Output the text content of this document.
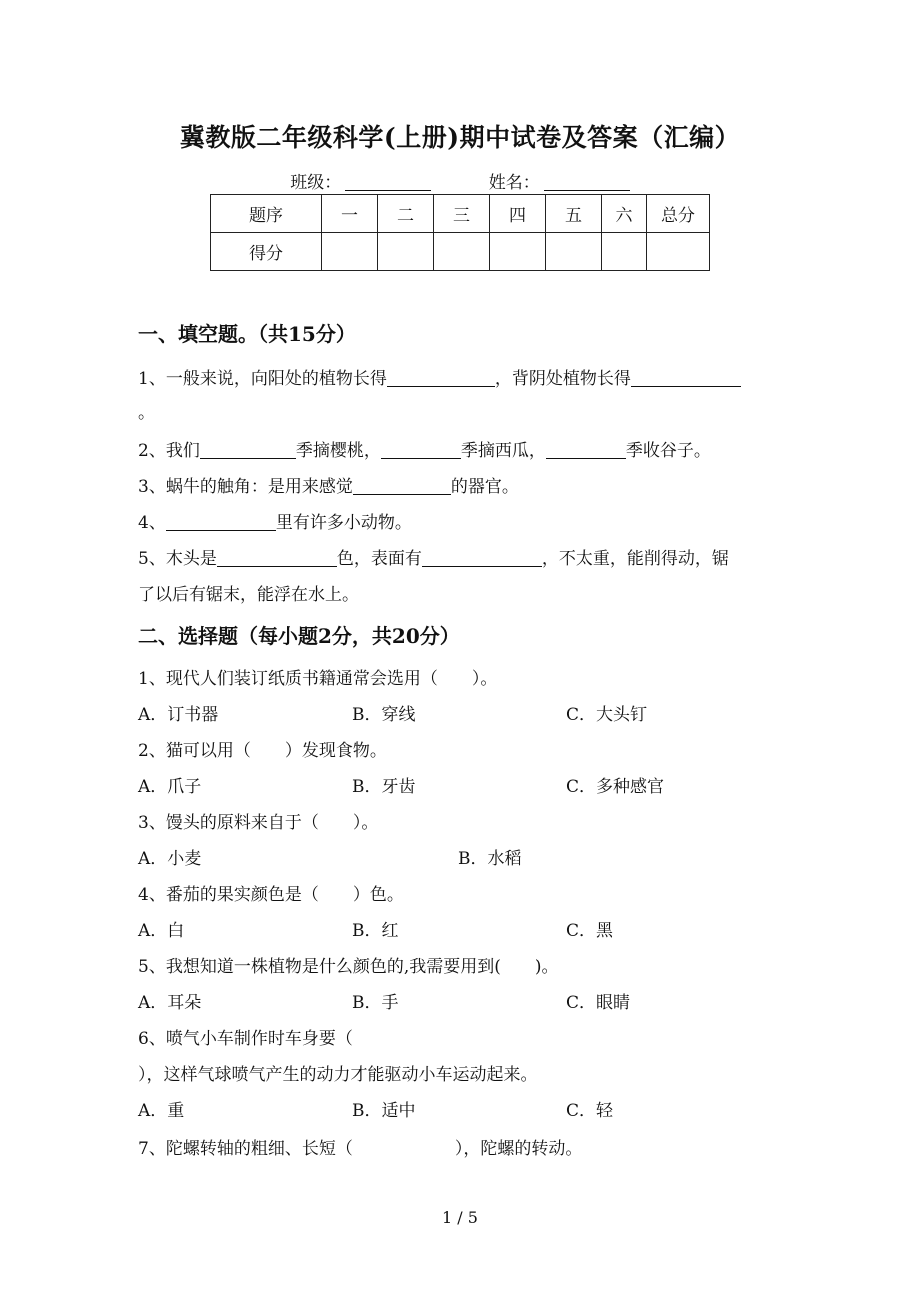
冀教版二年级科学(上册)期中试卷及答案（汇编）
班级：	姓名：
题序	一	二	三	四	五	六	总分
得分							
一、填空题。（共15分）
1、一般来说，向阳处的植物长得	，背阴处植物长得
。
2、我们	季摘樱桃，	季摘西瓜，	季收谷子。
3、蜗牛的触角：是用来感觉	的器官。
4、	里有许多小动物。
5、木头是	色，表面有	，不太重，能削得动，锯
了以后有锯末，能浮在水上。
二、选择题（每小题2分，共20分）
1、现代人们装订纸质书籍通常会选用（　　）。
A．订书器	B．穿线	C．大头钉
2、猫可以用（　　）发现食物。
A．爪子	B．牙齿	C．多种感官
3、馒头的原料来自于（　　）。
A．小麦	B．水稻
4、番茄的果实颜色是（　　）色。
A．白	B．红	C．黑
5、我想知道一株植物是什么颜色的,我需要用到(　　)。
A．耳朵	B．手	C．眼睛
6、喷气小车制作时车身要（
），这样气球喷气产生的动力才能驱动小车运动起来。
A．重	B．适中	C．轻
7、陀螺转轴的粗细、长短（　　　　　　），陀螺的转动。
1 / 5
